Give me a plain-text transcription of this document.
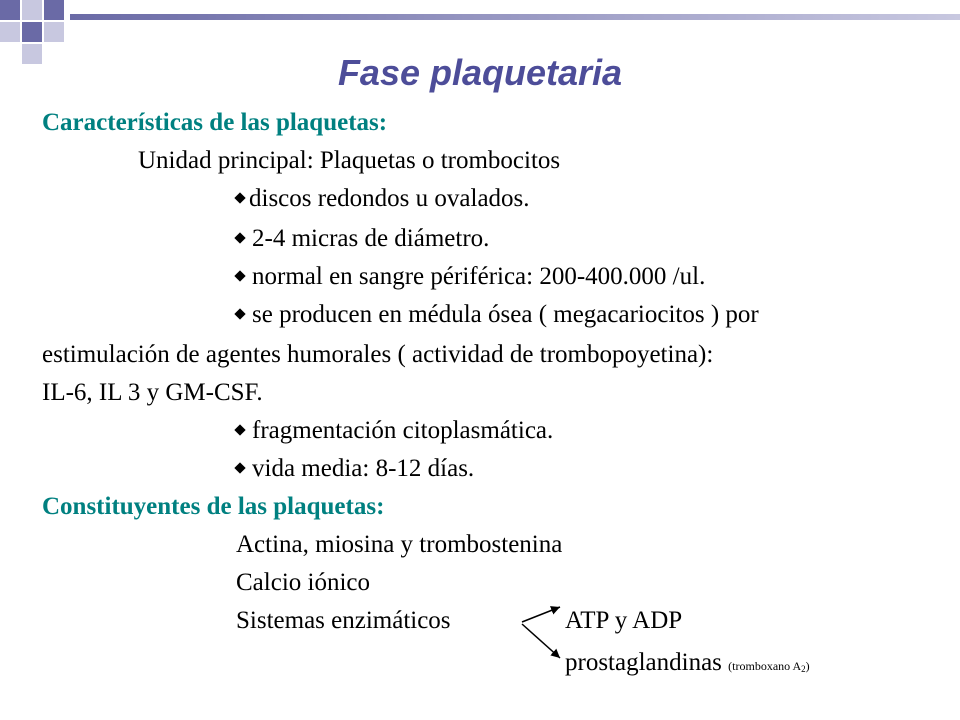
Fase plaquetaria
Características de las plaquetas:
Unidad principal: Plaquetas o trombocitos
discos redondos u ovalados.
2-4 micras de diámetro.
normal en sangre périférica: 200-400.000 /ul.
se producen en médula ósea ( megacariocitos ) por
estimulación de agentes humorales ( actividad de trombopoyetina):
IL-6, IL 3 y GM-CSF.
fragmentación citoplasmática.
vida media: 8-12 días.
Constituyentes de las plaquetas:
Actina, miosina y trombostenina
Calcio iónico
Sistemas enzimáticos	ATP y ADP
prostaglandinas (tromboxano $A_2$)
